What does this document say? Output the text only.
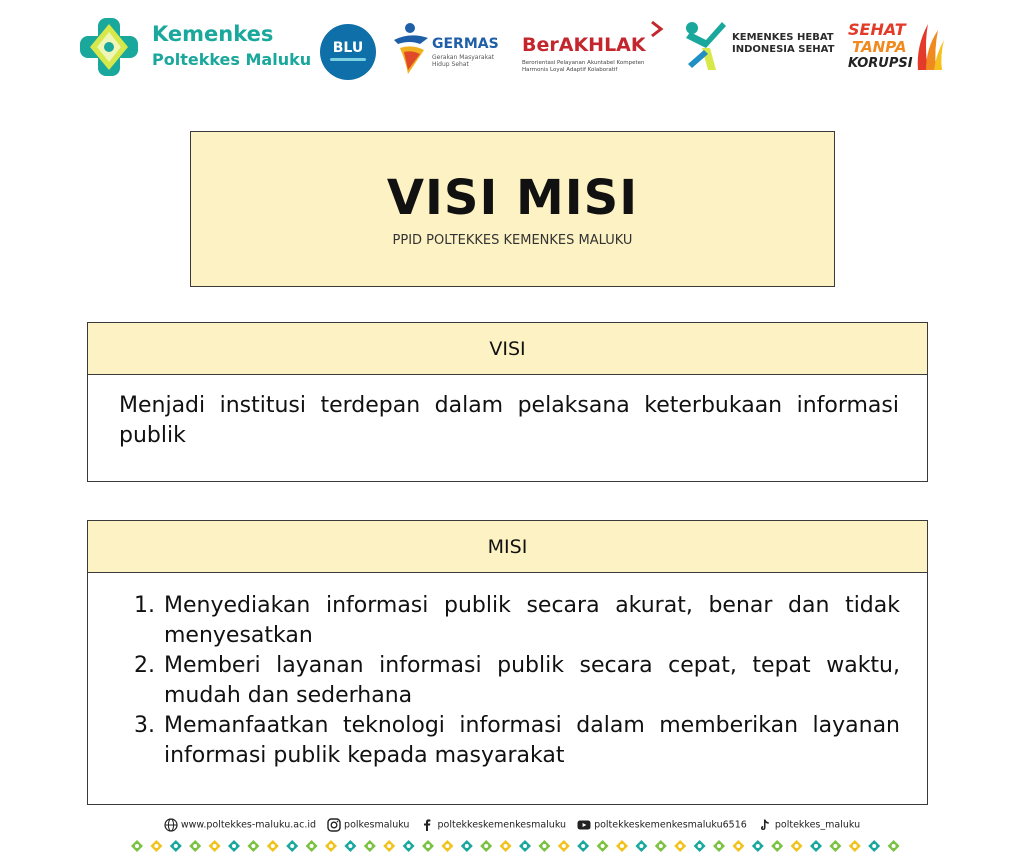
Kemenkes
Poltekkes Maluku
BLU	GERMAS
Gerakan Masyarakat Hidup Sehat
BerAKHLAK
Berorientasi Pelayanan Akuntabel Kompeten Harmonis Loyal Adaptif Kolaboratif
KEMENKES HEBAT
INDONESIA SEHAT
SEHAT
TANPA
KORUPSI
VISI MISI
PPID POLTEKKES KEMENKES MALUKU
VISI
Menjadi institusi terdepan dalam pelaksana keterbukaan informasi publik
MISI
1. Menyediakan informasi publik secara akurat, benar dan tidak menyesatkan
2. Memberi layanan informasi publik secara cepat, tepat waktu, mudah dan sederhana
3. Memanfaatkan teknologi informasi dalam memberikan layanan informasi publik kepada masyarakat
www.poltekkes-maluku.ac.id	polkesmaluku	poltekkeskemenkesmaluku	poltekkeskemenkesmaluku6516	poltekkes_maluku
